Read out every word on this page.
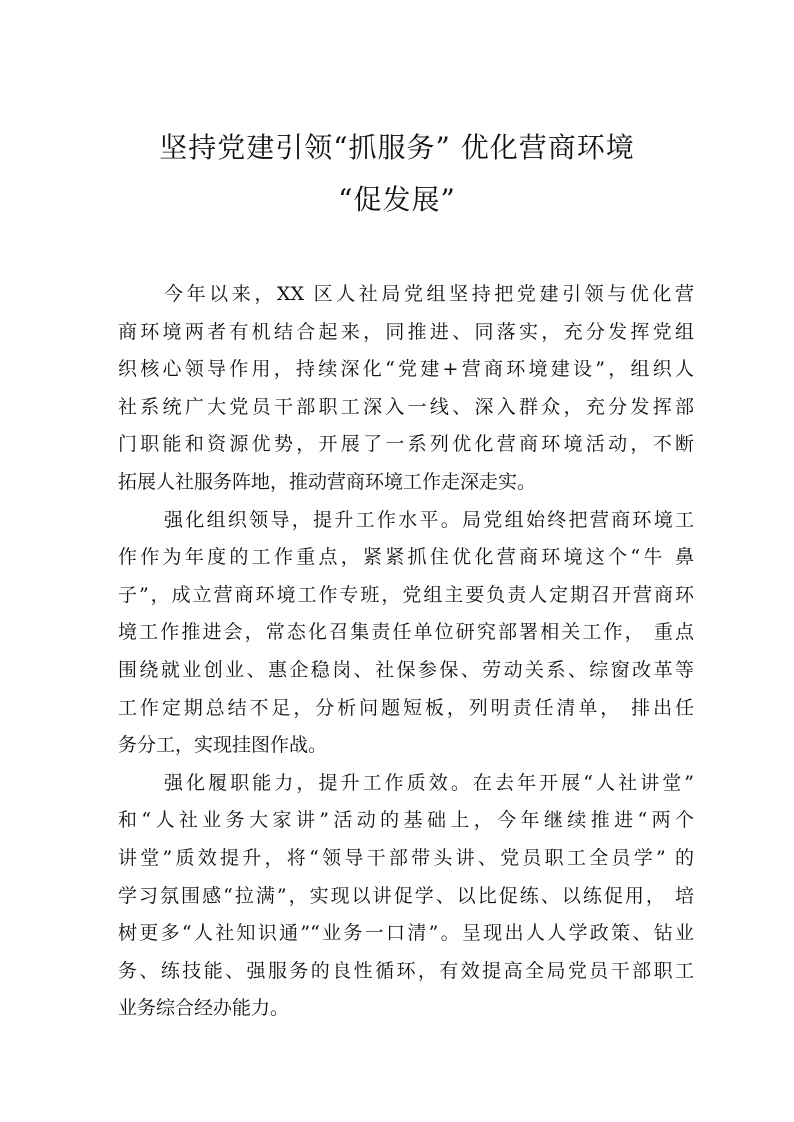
坚持党建引领“抓服务” 优化营商环境
“促发展”

今年以来，XX 区人社局党组坚持把党建引领与优化营
商环境两者有机结合起来，同推进、同落实，充分发挥党组
织核心领导作用，持续深化“党建+营商环境建设”，组织人
社系统广大党员干部职工深入一线、深入群众，充分发挥部
门职能和资源优势，开展了一系列优化营商环境活动，不断
拓展人社服务阵地，推动营商环境工作走深走实。

强化组织领导，提升工作水平。局党组始终把营商环境工
作作为年度的工作重点，紧紧抓住优化营商环境这个“牛 鼻
子”，成立营商环境工作专班，党组主要负责人定期召开营商环
境工作推进会，常态化召集责任单位研究部署相关工作， 重点
围绕就业创业、惠企稳岗、社保参保、劳动关系、综窗改革等
工作定期总结不足，分析问题短板，列明责任清单， 排出任
务分工，实现挂图作战。

强化履职能力，提升工作质效。在去年开展“人社讲堂”
和“人社业务大家讲”活动的基础上，今年继续推进“两个
讲堂”质效提升，将“领导干部带头讲、党员职工全员学” 的
学习氛围感“拉满”，实现以讲促学、以比促练、以练促用， 培
树更多“人社知识通”“业务一口清”。呈现出人人学政策、钻业
务、练技能、强服务的良性循环，有效提高全局党员干部职工
业务综合经办能力。
